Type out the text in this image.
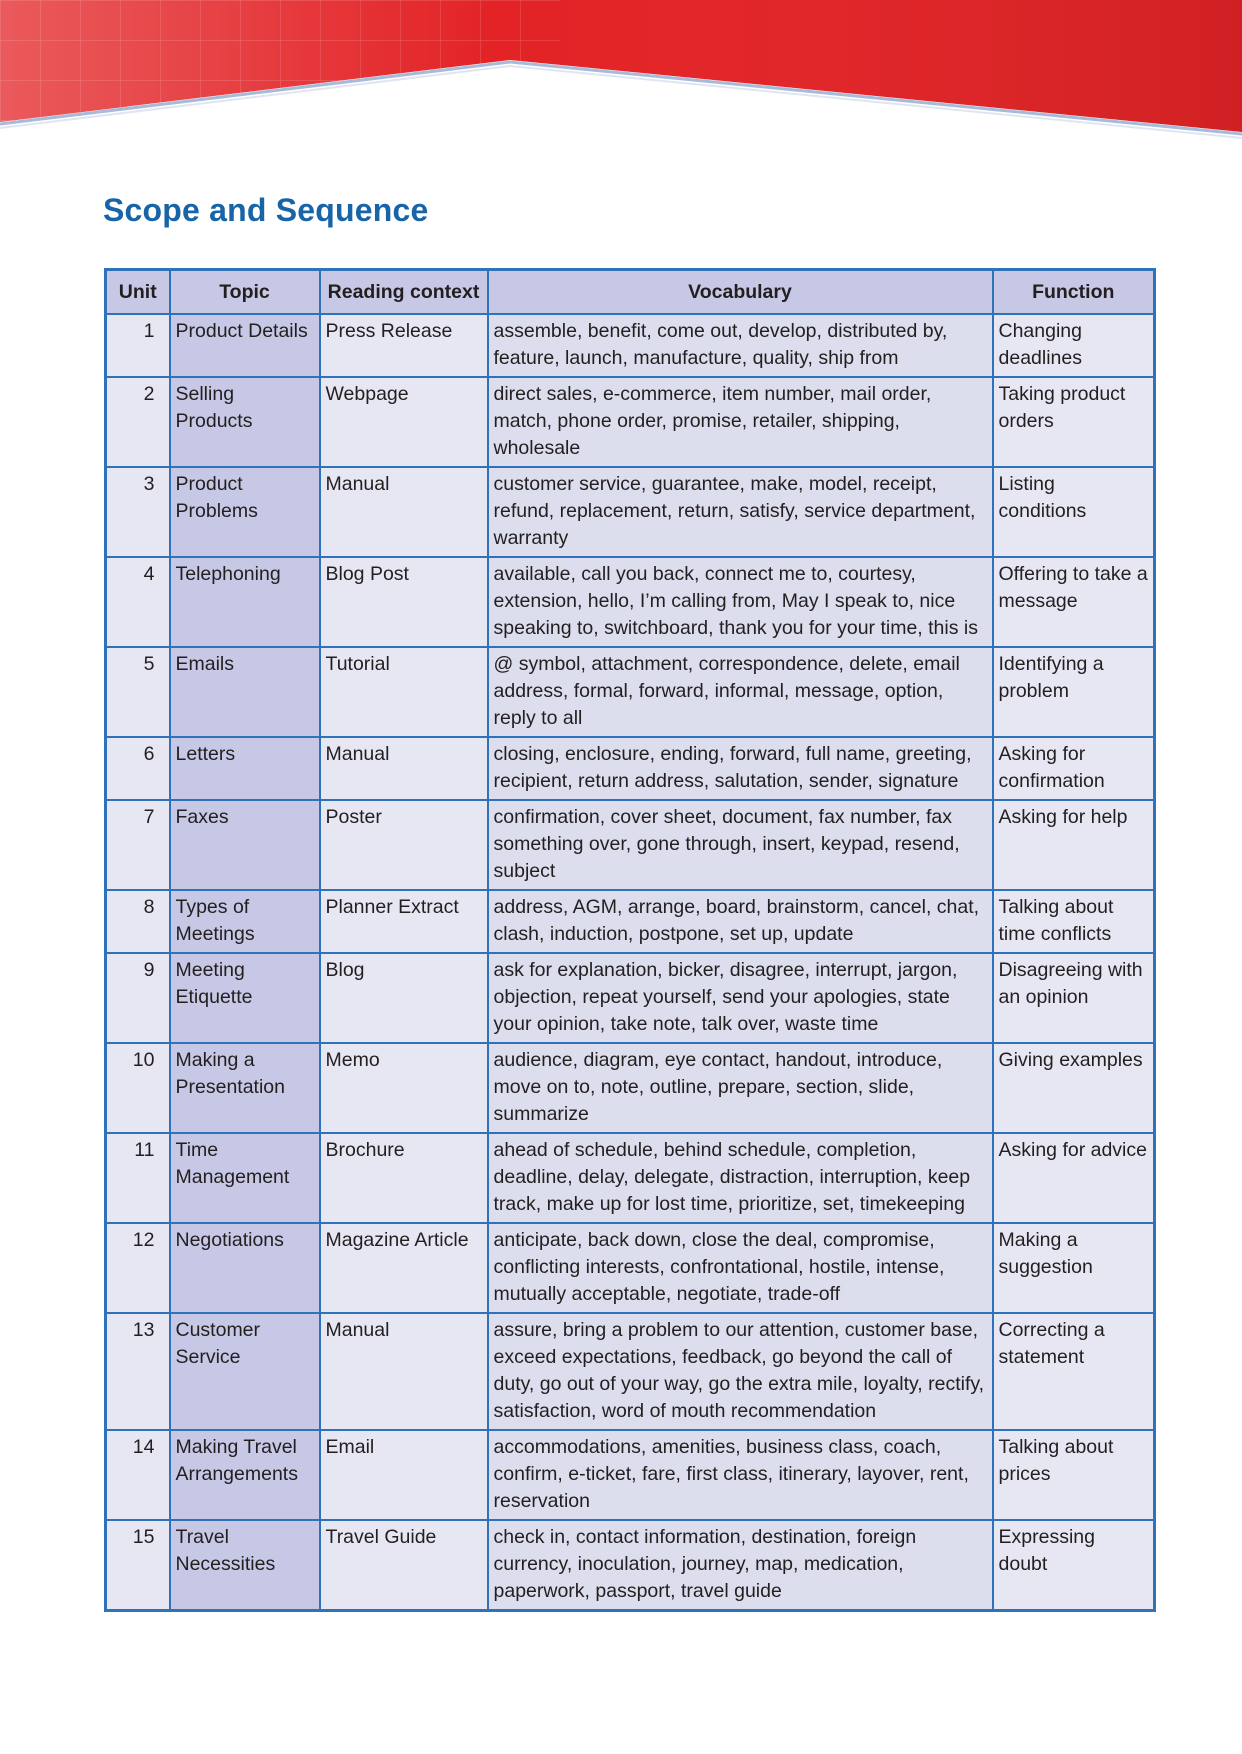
Scope and Sequence
Unit	Topic	Reading context	Vocabulary	Function
1	Product Details	Press Release	assemble, benefit, come out, develop, distributed by, feature, launch, manufacture, quality, ship from	Changing deadlines
2	Selling Products	Webpage	direct sales, e-commerce, item number, mail order, match, phone order, promise, retailer, shipping, wholesale	Taking product orders
3	Product Problems	Manual	customer service, guarantee, make, model, receipt, refund, replacement, return, satisfy, service department, warranty	Listing conditions
4	Telephoning	Blog Post	available, call you back, connect me to, courtesy, extension, hello, I’m calling from, May I speak to, nice speaking to, switchboard, thank you for your time, this is	Offering to take a message
5	Emails	Tutorial	@ symbol, attachment, correspondence, delete, email address, formal, forward, informal, message, option, reply to all	Identifying a problem
6	Letters	Manual	closing, enclosure, ending, forward, full name, greeting, recipient, return address, salutation, sender, signature	Asking for confirmation
7	Faxes	Poster	confirmation, cover sheet, document, fax number, fax something over, gone through, insert, keypad, resend, subject	Asking for help
8	Types of Meetings	Planner Extract	address, AGM, arrange, board, brainstorm, cancel, chat, clash, induction, postpone, set up, update	Talking about time conflicts
9	Meeting Etiquette	Blog	ask for explanation, bicker, disagree, interrupt, jargon, objection, repeat yourself, send your apologies, state your opinion, take note, talk over, waste time	Disagreeing with an opinion
10	Making a Presentation	Memo	audience, diagram, eye contact, handout, introduce, move on to, note, outline, prepare, section, slide, summarize	Giving examples
11	Time Management	Brochure	ahead of schedule, behind schedule, completion, deadline, delay, delegate, distraction, interruption, keep track, make up for lost time, prioritize, set, timekeeping	Asking for advice
12	Negotiations	Magazine Article	anticipate, back down, close the deal, compromise, conflicting interests, confrontational, hostile, intense, mutually acceptable, negotiate, trade-off	Making a suggestion
13	Customer Service	Manual	assure, bring a problem to our attention, customer base, exceed expectations, feedback, go beyond the call of duty, go out of your way, go the extra mile, loyalty, rectify, satisfaction, word of mouth recommendation	Correcting a statement
14	Making Travel Arrangements	Email	accommodations, amenities, business class, coach, confirm, e-ticket, fare, first class, itinerary, layover, rent, reservation	Talking about prices
15	Travel Necessities	Travel Guide	check in, contact information, destination, foreign currency, inoculation, journey, map, medication, paperwork, passport, travel guide	Expressing doubt
